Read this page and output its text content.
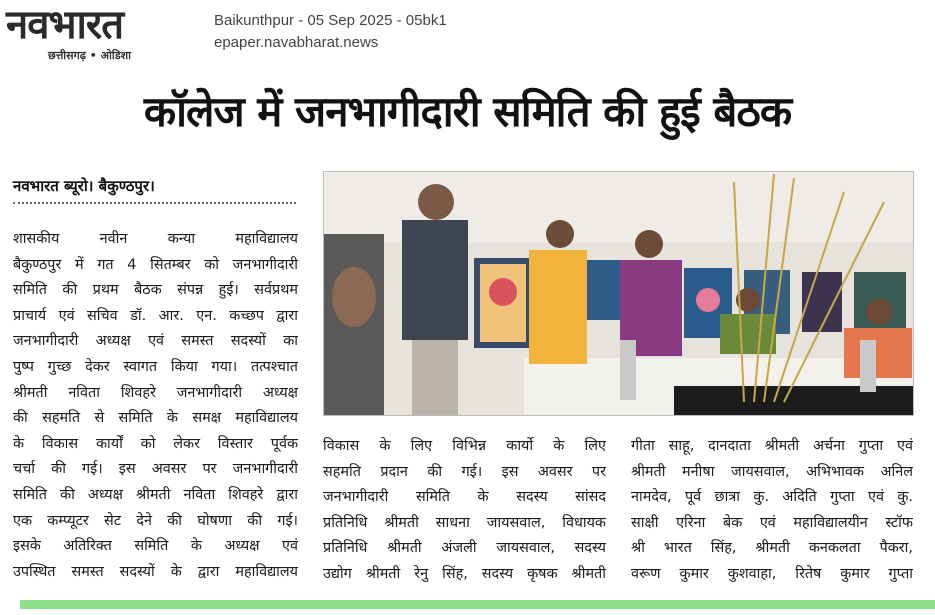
नवभारत
छत्तीसगढ़ • ओडिशा
Baikunthpur - 05 Sep 2025 - 05bk1
epaper.navabharat.news
कॉलेज में जनभागीदारी समिति की हुई बैठक
नवभारत ब्यूरो। बैकुण्ठपुर।
शासकीय नवीन कन्या महाविद्यालय
बैकुण्ठपुर में गत 4 सितम्बर को जनभागीदारी
समिति की प्रथम बैठक संपन्न हुई। सर्वप्रथम
प्राचार्य एवं सचिव डॉ. आर. एन. कच्छप द्वारा
जनभागीदारी अध्यक्ष एवं समस्त सदस्यों का
पुष्प गुच्छ देकर स्वागत किया गया। तत्पश्चात
श्रीमती नविता शिवहरे जनभागीदारी अध्यक्ष
की सहमति से समिति के समक्ष महाविद्यालय
के विकास कार्योंं को लेकर विस्तार पूर्वक
चर्चा की गई। इस अवसर पर जनभागीदारी
समिति की अध्यक्ष श्रीमती नविता शिवहरे द्वारा
एक कम्प्यूटर सेट देने की घोषणा की गई।
इसके अतिरिक्त समिति के अध्यक्ष एवं
उपस्थित समस्त सदस्यों के द्वारा महाविद्यालय
विकास के लिए विभिन्न कार्यो के लिए
सहमति प्रदान की गई। इस अवसर पर
जनभागीदारी समिति के सदस्य सांसद
प्रतिनिधि श्रीमती साधना जायसवाल, विधायक
प्रतिनिधि श्रीमती अंजली जायसवाल, सदस्य
उद्योग श्रीमती रेनु सिंह, सदस्य कृषक श्रीमती
गीता साहू, दानदाता श्रीमती अर्चना गुप्ता एवं
श्रीमती मनीषा जायसवाल, अभिभावक अनिल
नामदेव, पूर्व छात्रा कु. अदिति गुप्ता एवं कु.
साक्षी एरिना बेक एवं महाविद्यालयीन स्टॉफ
श्री भारत सिंह, श्रीमती कनकलता पैकरा,
वरूण कुमार कुशवाहा, रितेष कुमार गुप्ता
